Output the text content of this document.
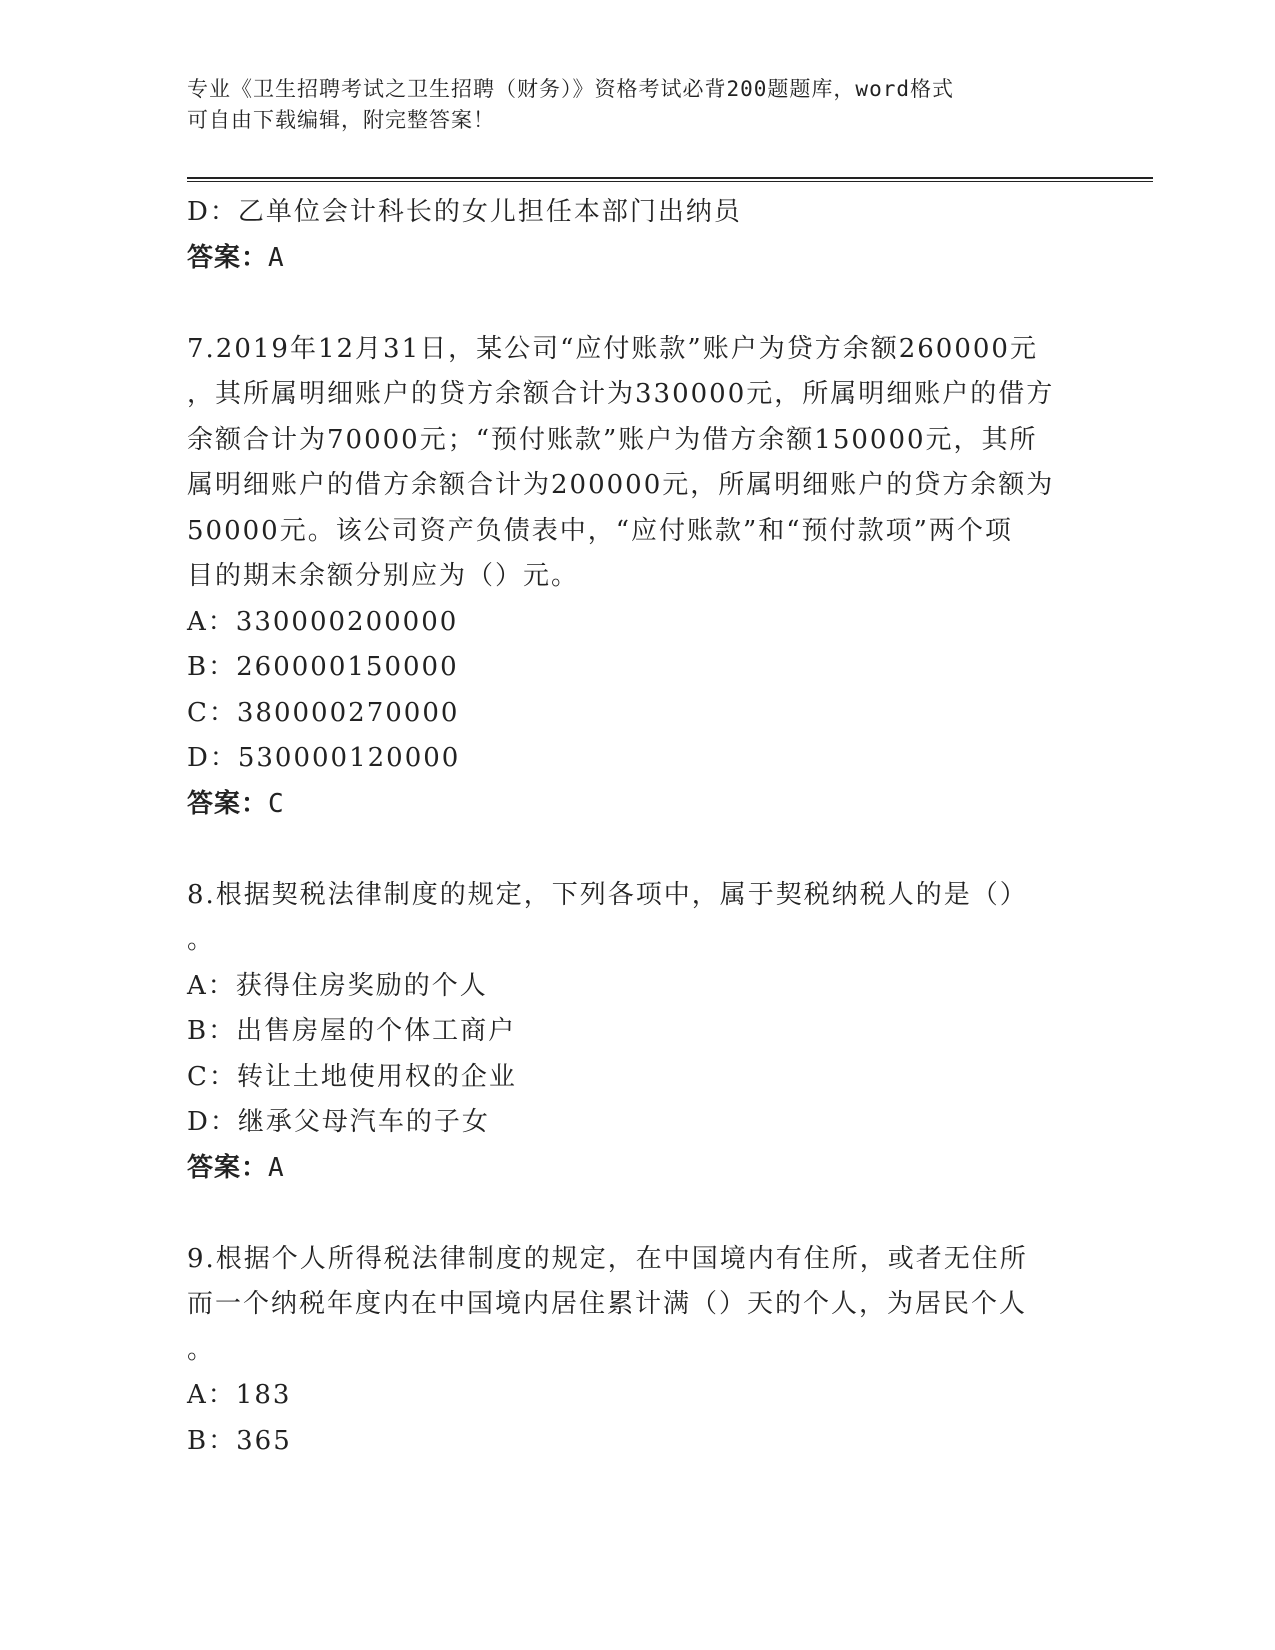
专业《卫生招聘考试之卫生招聘（财务）》资格考试必背200题题库，word格式
可自由下载编辑，附完整答案！
D：乙单位会计科长的女儿担任本部门出纳员
答案：A
7.2019年12月31日，某公司“应付账款”账户为贷方余额260000元
，其所属明细账户的贷方余额合计为330000元，所属明细账户的借方
余额合计为70000元；“预付账款”账户为借方余额150000元，其所
属明细账户的借方余额合计为200000元，所属明细账户的贷方余额为
50000元。该公司资产负债表中，“应付账款”和“预付款项”两个项
目的期末余额分别应为（）元。
A：330000200000
B：260000150000
C：380000270000
D：530000120000
答案：C
8.根据契税法律制度的规定，下列各项中，属于契税纳税人的是（）
。
A：获得住房奖励的个人
B：出售房屋的个体工商户
C：转让土地使用权的企业
D：继承父母汽车的子女
答案：A
9.根据个人所得税法律制度的规定，在中国境内有住所，或者无住所
而一个纳税年度内在中国境内居住累计满（）天的个人，为居民个人
。
A：183
B：365
